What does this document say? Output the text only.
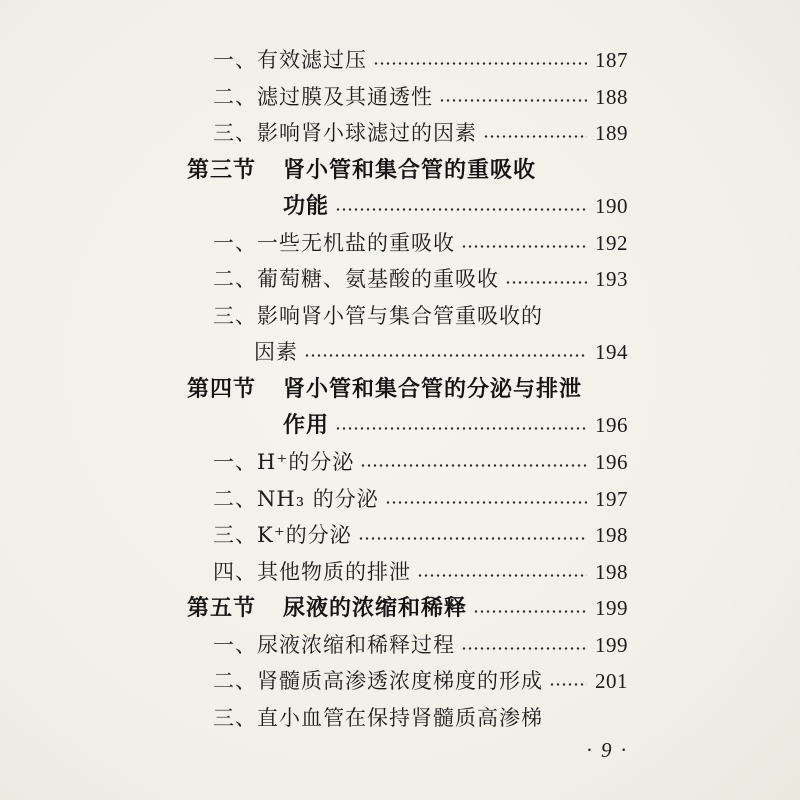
一、有效滤过压	187
二、滤过膜及其通透性	188
三、影响肾小球滤过的因素	189
第三节	肾小管和集合管的重吸收
功能	190
一、一些无机盐的重吸收	192
二、葡萄糖、氨基酸的重吸收	193
三、影响肾小管与集合管重吸收的
因素	194
第四节	肾小管和集合管的分泌与排泄
作用	196
一、H⁺的分泌	196
二、NH₃ 的分泌	197
三、K⁺的分泌	198
四、其他物质的排泄	198
第五节	尿液的浓缩和稀释	199
一、尿液浓缩和稀释过程	199
二、肾髓质高渗透浓度梯度的形成 201
三、直小血管在保持肾髓质高渗梯
· 9 ·
